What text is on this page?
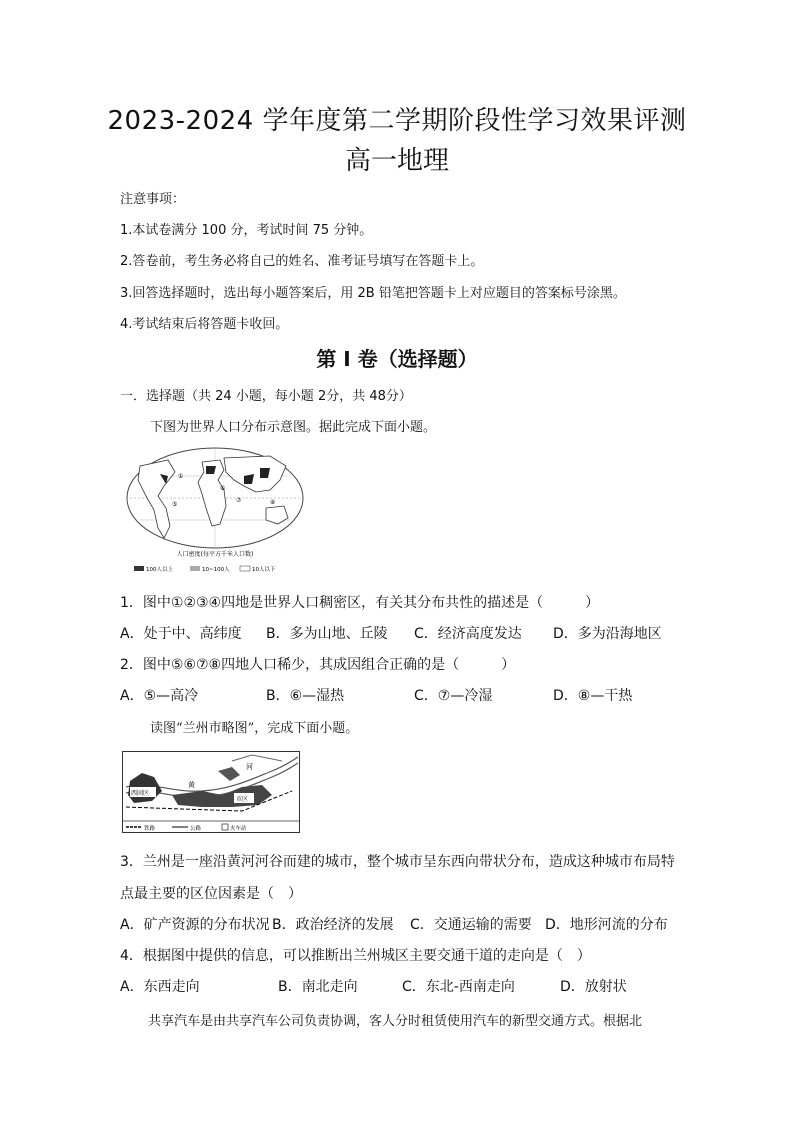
2023-2024 学年度第二学期阶段性学习效果评测
高一地理
注意事项：
1.本试卷满分 100 分，考试时间 75 分钟。
2.答卷前，考生务必将自己的姓名、准考证号填写在答题卡上。
3.回答选择题时，选出每小题答案后，用 2B 铅笔把答题卡上对应题目的答案标号涂黑。
4.考试结束后将答题卡收回。
第 I 卷（选择题）
一．选择题（共 24 小题，每小题 2分，共 48分）
下图为世界人口分布示意图。据此完成下面小题。
⑤
⑥
①
⑦	⑧
人口密度(每平方千米人口数)
100人以上	10~100人	10人以下
1．图中①②③④四地是世界人口稠密区，有关其分布共性的描述是（　　　）
A．处于中、高纬度 B．多为山地、丘陵 C．经济高度发达 D．多为沿海地区
2．图中⑤⑥⑦⑧四地人口稀少，其成因组合正确的是（　　　）
A．⑤—高冷	B．⑥—湿热	C．⑦—冷湿	D．⑧—干热
读图“兰州市略图”，完成下面小题。
黄
河
西固区
市区
铁路	公路	火车站
3．兰州是一座沿黄河河谷而建的城市，整个城市呈东西向带状分布，造成这种城市布局特
点最主要的区位因素是（　）
A．矿产资源的分布状况 B．政治经济的发展 C．交通运输的需要 D．地形河流的分布
4．根据图中提供的信息，可以推断出兰州城区主要交通干道的走向是（　）
A．东西走向	B．南北走向	C．东北-西南走向	D．放射状
共享汽车是由共享汽车公司负责协调，客人分时租赁使用汽车的新型交通方式。根据北
